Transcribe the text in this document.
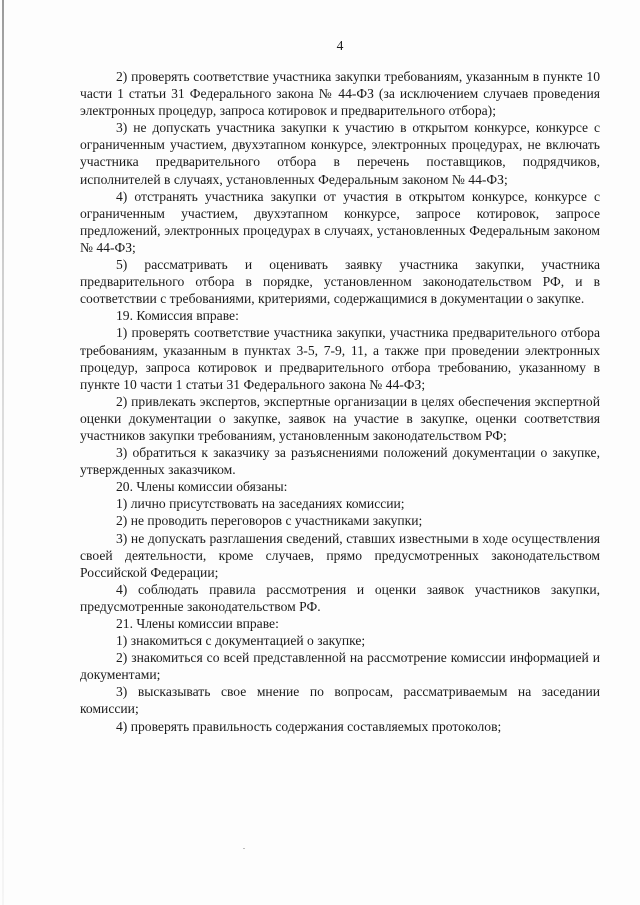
4

2) проверять соответствие участника закупки требованиям, указанным в пункте 10 части 1 статьи 31 Федерального закона № 44-ФЗ (за исключением случаев проведения электронных процедур, запроса котировок и предварительного отбора);

3) не допускать участника закупки к участию в открытом конкурсе, конкурсе с ограниченным участием, двухэтапном конкурсе, электронных процедурах, не включать участника предварительного отбора в перечень поставщиков, подрядчиков, исполнителей в случаях, установленных Федеральным законом № 44-ФЗ;

4) отстранять участника закупки от участия в открытом конкурсе, конкурсе с ограниченным участием, двухэтапном конкурсе, запросе котировок, запросе предложений, электронных процедурах в случаях, установленных Федеральным законом № 44-ФЗ;

5) рассматривать и оценивать заявку участника закупки, участника предварительного отбора в порядке, установленном законодательством РФ, и в соответствии с требованиями, критериями, содержащимися в документации о закупке.

19. Комиссия вправе:

1) проверять соответствие участника закупки, участника предварительного отбора требованиям, указанным в пунктах 3-5, 7-9, 11, а также при проведении электронных процедур, запроса котировок и предварительного отбора требованию, указанному в пункте 10 части 1 статьи 31 Федерального закона № 44-ФЗ;

2) привлекать экспертов, экспертные организации в целях обеспечения экспертной оценки документации о закупке, заявок на участие в закупке, оценки соответствия участников закупки требованиям, установленным законодательством РФ;

3) обратиться к заказчику за разъяснениями положений документации о закупке, утвержденных заказчиком.

20. Члены комиссии обязаны:

1) лично присутствовать на заседаниях комиссии;

2) не проводить переговоров с участниками закупки;

3) не допускать разглашения сведений, ставших известными в ходе осуществления своей деятельности, кроме случаев, прямо предусмотренных законодательством Российской Федерации;

4) соблюдать правила рассмотрения и оценки заявок участников закупки, предусмотренные законодательством РФ.

21. Члены комиссии вправе:

1) знакомиться с документацией о закупке;

2) знакомиться со всей представленной на рассмотрение комиссии информацией и документами;

3) высказывать свое мнение по вопросам, рассматриваемым на заседании комиссии;

4) проверять правильность содержания составляемых протоколов;
